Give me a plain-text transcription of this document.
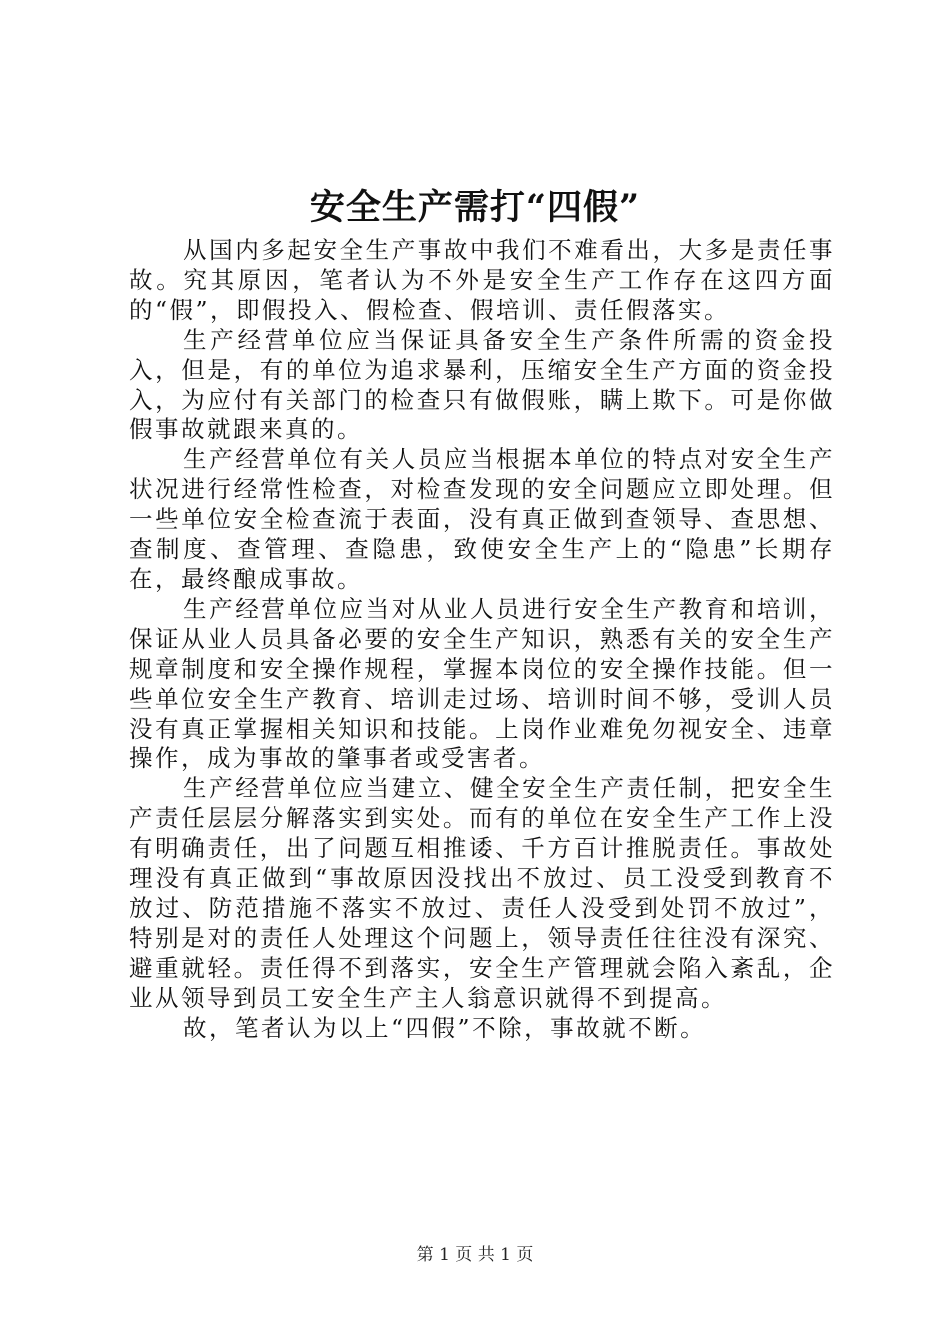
安全生产需打“四假”

从国内多起安全生产事故中我们不难看出，大多是责任事故。究其原因，笔者认为不外是安全生产工作存在这四方面的“假”，即假投入、假检查、假培训、责任假落实。

生产经营单位应当保证具备安全生产条件所需的资金投入，但是，有的单位为追求暴利，压缩安全生产方面的资金投入，为应付有关部门的检查只有做假账，瞒上欺下。可是你做假事故就跟来真的。

生产经营单位有关人员应当根据本单位的特点对安全生产状况进行经常性检查，对检查发现的安全问题应立即处理。但一些单位安全检查流于表面，没有真正做到查领导、查思想、查制度、查管理、查隐患，致使安全生产上的“隐患”长期存在，最终酿成事故。

生产经营单位应当对从业人员进行安全生产教育和培训，保证从业人员具备必要的安全生产知识，熟悉有关的安全生产规章制度和安全操作规程，掌握本岗位的安全操作技能。但一些单位安全生产教育、培训走过场、培训时间不够，受训人员没有真正掌握相关知识和技能。上岗作业难免勿视安全、违章操作，成为事故的肇事者或受害者。

生产经营单位应当建立、健全安全生产责任制，把安全生产责任层层分解落实到实处。而有的单位在安全生产工作上没有明确责任，出了问题互相推诿、千方百计推脱责任。事故处理没有真正做到“事故原因没找出不放过、员工没受到教育不放过、防范措施不落实不放过、责任人没受到处罚不放过”，特别是对的责任人处理这个问题上，领导责任往往没有深究、避重就轻。责任得不到落实，安全生产管理就会陷入紊乱，企业从领导到员工安全生产主人翁意识就得不到提高。

故，笔者认为以上“四假”不除，事故就不断。

第 1 页 共 1 页
